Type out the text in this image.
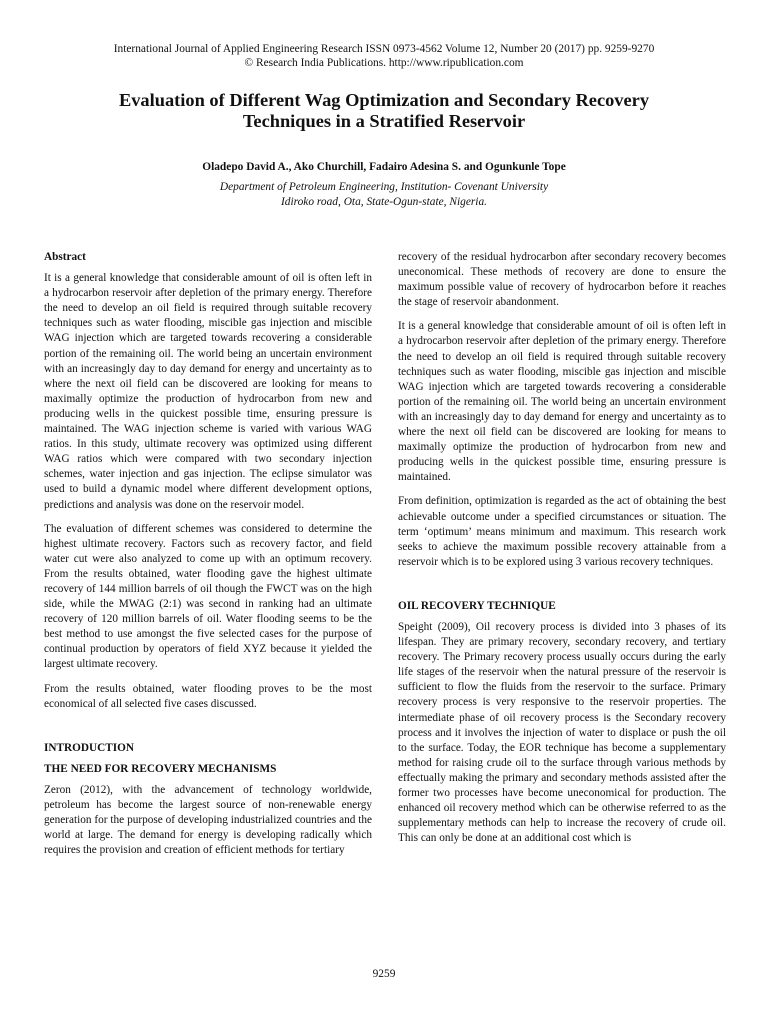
International Journal of Applied Engineering Research ISSN 0973-4562 Volume 12, Number 20 (2017) pp. 9259-9270
© Research India Publications. http://www.ripublication.com
Evaluation of Different Wag Optimization and Secondary Recovery
Techniques in a Stratified Reservoir
Oladepo David A., Ako Churchill, Fadairo Adesina S. and Ogunkunle Tope
Department of Petroleum Engineering, Institution- Covenant University
Idiroko road, Ota, State-Ogun-state, Nigeria.
Abstract

It is a general knowledge that considerable amount of oil is often left in a hydrocarbon reservoir after depletion of the primary energy. Therefore the need to develop an oil field is required through suitable recovery techniques such as water flooding, miscible gas injection and miscible WAG injection which are targeted towards recovering a considerable portion of the remaining oil. The world being an uncertain environment with an increasingly day to day demand for energy and uncertainty as to where the next oil field can be discovered are looking for means to maximally optimize the production of hydrocarbon from new and producing wells in the quickest possible time, ensuring pressure is maintained. The WAG injection scheme is varied with various WAG ratios. In this study, ultimate recovery was optimized using different WAG ratios which were compared with two secondary injection schemes, water injection and gas injection. The eclipse simulator was used to build a dynamic model where different development options, predictions and analysis was done on the reservoir model.

The evaluation of different schemes was considered to determine the highest ultimate recovery. Factors such as recovery factor, and field water cut were also analyzed to come up with an optimum recovery. From the results obtained, water flooding gave the highest ultimate recovery of 144 million barrels of oil though the FWCT was on the high side, while the MWAG (2:1) was second in ranking had an ultimate recovery of 120 million barrels of oil. Water flooding seems to be the best method to use amongst the five selected cases for the purpose of continual production by operators of field XYZ because it yielded the largest ultimate recovery.

From the results obtained, water flooding proves to be the most economical of all selected five cases discussed.

INTRODUCTION
THE NEED FOR RECOVERY MECHANISMS

Zeron (2012), with the advancement of technology worldwide, petroleum has become the largest source of non-renewable energy generation for the purpose of developing industrialized countries and the world at large. The demand for energy is developing radically which requires the provision and creation of efficient methods for tertiary

recovery of the residual hydrocarbon after secondary recovery becomes uneconomical. These methods of recovery are done to ensure the maximum possible value of recovery of hydrocarbon before it reaches the stage of reservoir abandonment.

It is a general knowledge that considerable amount of oil is often left in a hydrocarbon reservoir after depletion of the primary energy. Therefore the need to develop an oil field is required through suitable recovery techniques such as water flooding, miscible gas injection and miscible WAG injection which are targeted towards recovering a considerable portion of the remaining oil. The world being an uncertain environment with an increasingly day to day demand for energy and uncertainty as to where the next oil field can be discovered are looking for means to maximally optimize the production of hydrocarbon from new and producing wells in the quickest possible time, ensuring pressure is maintained.

From definition, optimization is regarded as the act of obtaining the best achievable outcome under a specified circumstances or situation. The term ‘optimum’ means minimum and maximum. This research work seeks to achieve the maximum possible recovery attainable from a reservoir which is to be explored using 3 various recovery techniques.

OIL RECOVERY TECHNIQUE

Speight (2009), Oil recovery process is divided into 3 phases of its lifespan. They are primary recovery, secondary recovery, and tertiary recovery. The Primary recovery process usually occurs during the early life stages of the reservoir when the natural pressure of the reservoir is sufficient to flow the fluids from the reservoir to the surface. Primary recovery process is very responsive to the reservoir properties. The intermediate phase of oil recovery process is the Secondary recovery process and it involves the injection of water to displace or push the oil to the surface. Today, the EOR technique has become a supplementary method for raising crude oil to the surface through various methods by effectually making the primary and secondary methods assisted after the former two processes have become uneconomical for production. The enhanced oil recovery method which can be otherwise referred to as the supplementary methods can help to increase the recovery of crude oil. This can only be done at an additional cost which is

9259
